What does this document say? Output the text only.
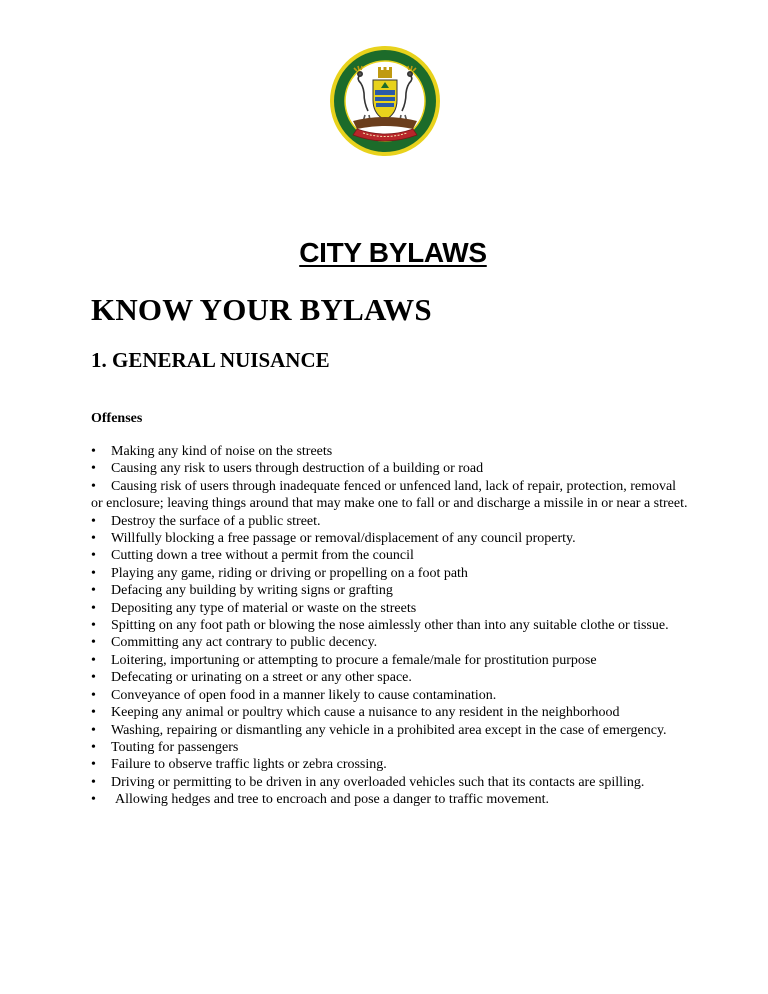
CITY BYLAWS
KNOW YOUR BYLAWS
1. GENERAL NUISANCE

Offenses

• Making any kind of noise on the streets
• Causing any risk to users through destruction of a building or road
• Causing risk of users through inadequate fenced or unfenced land, lack of repair, protection, removal or enclosure; leaving things around that may make one to fall or and discharge a missile in or near a street.
• Destroy the surface of a public street.
• Willfully blocking a free passage or removal/displacement of any council property.
• Cutting down a tree without a permit from the council
• Playing any game, riding or driving or propelling on a foot path
• Defacing any building by writing signs or grafting
• Depositing any type of material or waste on the streets
• Spitting on any foot path or blowing the nose aimlessly other than into any suitable clothe or tissue.
• Committing any act contrary to public decency.
• Loitering, importuning or attempting to procure a female/male for prostitution purpose
• Defecating or urinating on a street or any other space.
• Conveyance of open food in a manner likely to cause contamination.
• Keeping any animal or poultry which cause a nuisance to any resident in the neighborhood
• Washing, repairing or dismantling any vehicle in a prohibited area except in the case of emergency.
• Touting for passengers
• Failure to observe traffic lights or zebra crossing.
• Driving or permitting to be driven in any overloaded vehicles such that its contacts are spilling.
• Allowing hedges and tree to encroach and pose a danger to traffic movement.
